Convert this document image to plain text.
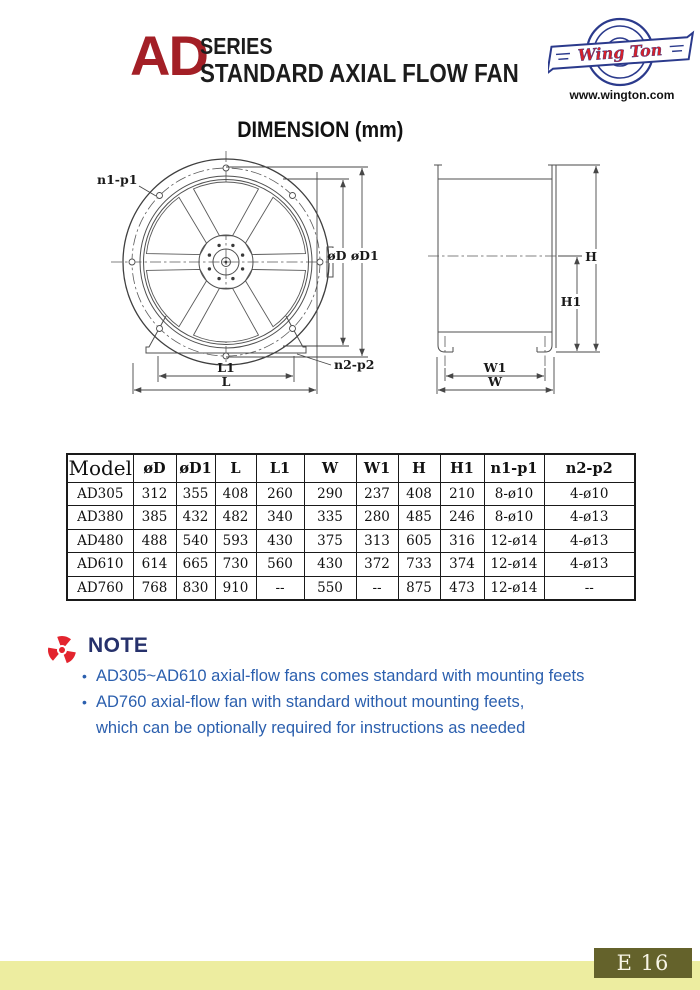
AD
SERIES
STANDARD AXIAL FLOW FAN
Wing Ton
www.wington.com
DIMENSION (mm)
øD øD1
n1-p1
n2-p2
L1
L
H
H1
W1
W
Model	øD	øD1	L	L1	W	W1	H	H1	n1-p1	n2-p2
AD305	312	355	408	260	290	237	408	210	8-ø10	4-ø10
AD380	385	432	482	340	335	280	485	246	8-ø10	4-ø13
AD480	488	540	593	430	375	313	605	316	12-ø14	4-ø13
AD610	614	665	730	560	430	372	733	374	12-ø14	4-ø13
AD760	768	830	910	--	550	--	875	473	12-ø14	--
NOTE
• AD305~AD610 axial-flow fans comes standard with mounting feets
• AD760 axial-flow fan with standard without mounting feets,
which can be optionally required for instructions as needed
E 16
